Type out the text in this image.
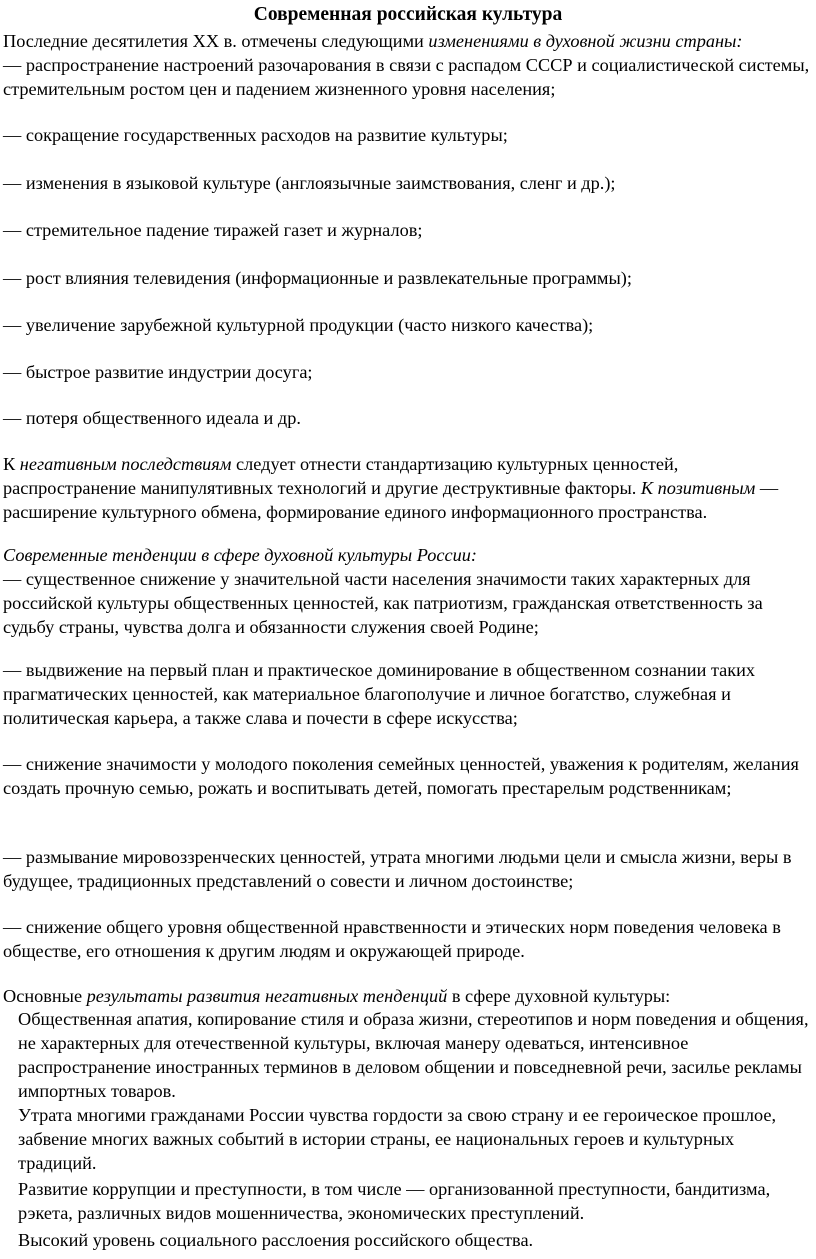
Современная российская культура

Последние десятилетия XX в. отмечены следующими изменениями в духовной жизни страны:

— распространение настроений разочарования в связи с распадом СССР и социалистической системы, стремительным ростом цен и падением жизненного уровня населения;

— сокращение государственных расходов на развитие культуры;

— изменения в языковой культуре (англоязычные заимствования, сленг и др.);

— стремительное падение тиражей газет и журналов;

— рост влияния телевидения (информационные и развлекательные программы);

— увеличение зарубежной культурной продукции (часто низкого качества);

— быстрое развитие индустрии досуга;

— потеря общественного идеала и др.

К негативным последствиям следует отнести стандартизацию культурных ценностей, распространение манипулятивных технологий и другие деструктивные факторы. К позитивным — расширение культурного обмена, формирование единого информационного пространства.

Современные тенденции в сфере духовной культуры России:

— существенное снижение у значительной части населения значимости таких характерных для российской культуры общественных ценностей, как патриотизм, гражданская ответственность за судьбу страны, чувства долга и обязанности служения своей Родине;

— выдвижение на первый план и практическое доминирование в общественном сознании таких прагматических ценностей, как материальное благополучие и личное богатство, служебная и политическая карьера, а также слава и почести в сфере искусства;

— снижение значимости у молодого поколения семейных ценностей, уважения к родителям, желания создать прочную семью, рожать и воспитывать детей, помогать престарелым родственникам;

— размывание мировоззренческих ценностей, утрата многими людьми цели и смысла жизни, веры в будущее, традиционных представлений о совести и личном достоинстве;

— снижение общего уровня общественной нравственности и этических норм поведения человека в обществе, его отношения к другим людям и окружающей природе.

Основные результаты развития негативных тенденций в сфере духовной культуры:

Общественная апатия, копирование стиля и образа жизни, стереотипов и норм поведения и общения, не характерных для отечественной культуры, включая манеру одеваться, интенсивное распространение иностранных терминов в деловом общении и повседневной речи, засилье рекламы импортных товаров.

Утрата многими гражданами России чувства гордости за свою страну и ее героическое прошлое, забвение многих важных событий в истории страны, ее национальных героев и культурных традиций.

Развитие коррупции и преступности, в том числе — организованной преступности, бандитизма, рэкета, различных видов мошенничества, экономических преступлений.

Высокий уровень социального расслоения российского общества.
